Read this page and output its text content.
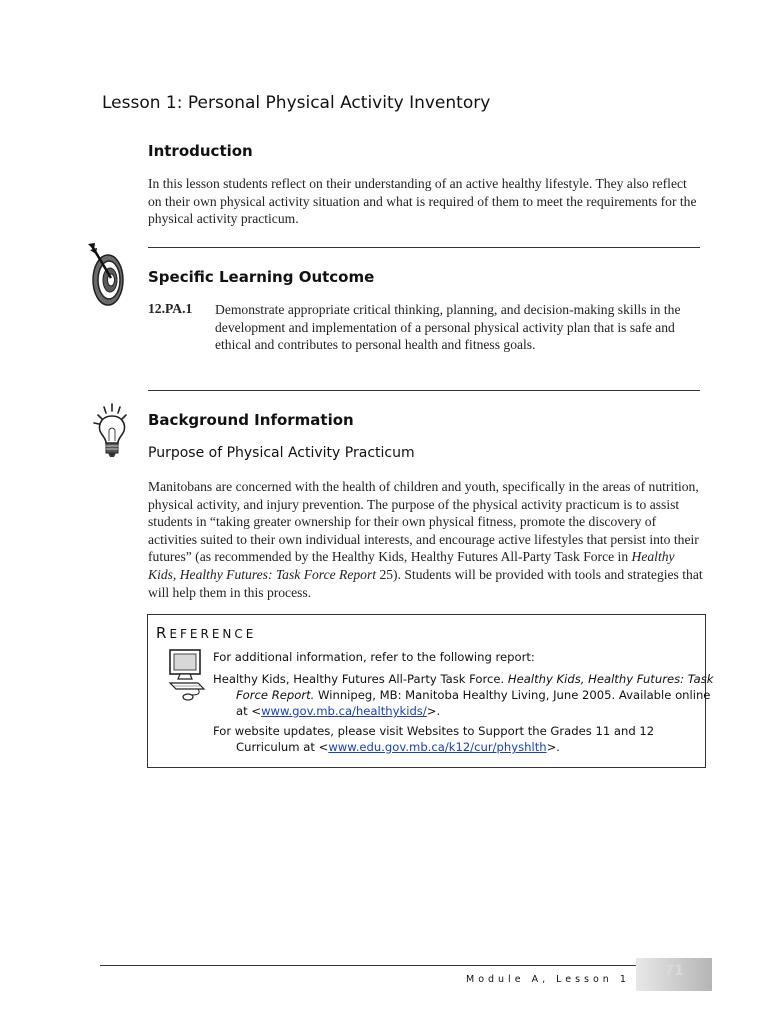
Lesson 1: Personal Physical Activity Inventory
Introduction
In this lesson students reflect on their understanding of an active healthy lifestyle. They also reflect on their own physical activity situation and what is required of them to meet the requirements for the physical activity practicum.
Specific Learning Outcome
12.PA.1 Demonstrate appropriate critical thinking, planning, and decision-making skills in the development and implementation of a personal physical activity plan that is safe and ethical and contributes to personal health and fitness goals.
Background Information
Purpose of Physical Activity Practicum
Manitobans are concerned with the health of children and youth, specifically in the areas of nutrition, physical activity, and injury prevention. The purpose of the physical activity practicum is to assist students in “taking greater ownership for their own physical fitness, promote the discovery of activities suited to their own individual interests, and encourage active lifestyles that persist into their futures” (as recommended by the Healthy Kids, Healthy Futures All-Party Task Force in Healthy Kids, Healthy Futures: Task Force Report 25). Students will be provided with tools and strategies that will help them in this process.
REFERENCE
For additional information, refer to the following report:
Healthy Kids, Healthy Futures All-Party Task Force. Healthy Kids, Healthy Futures: Task Force Report. Winnipeg, MB: Manitoba Healthy Living, June 2005. Available online at <www.gov.mb.ca/healthykids/>.
For website updates, please visit Websites to Support the Grades 11 and 12 Curriculum at <www.edu.gov.mb.ca/k12/cur/physhlth>.
Module A, Lesson 1
71
